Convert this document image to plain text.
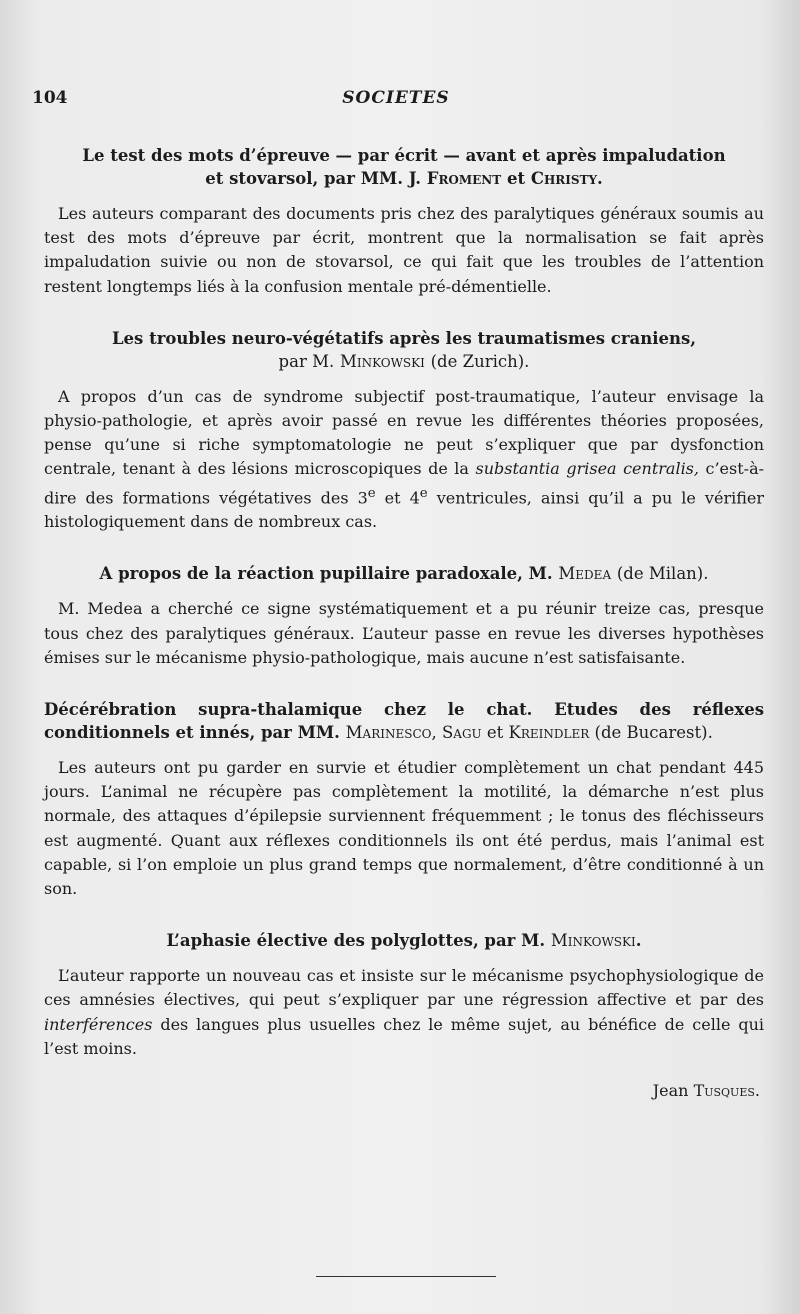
104	SOCIETES
Le test des mots d’épreuve — par écrit — avant et après impaludation et stovarsol, par MM. J. Froment et Christy.

Les auteurs comparant des documents pris chez des paralytiques généraux soumis au test des mots d’épreuve par écrit, montrent que la normalisation se fait après impaludation suivie ou non de stovarsol, ce qui fait que les troubles de l’attention restent longtemps liés à la confusion mentale pré-démentielle.

Les troubles neuro-végétatifs après les traumatismes craniens,
par M. Minkowski (de Zurich).

A propos d’un cas de syndrome subjectif post-traumatique, l’auteur envisage la physio-pathologie, et après avoir passé en revue les différentes théories proposées, pense qu’une si riche symptomatologie ne peut s’expliquer que par dysfonction centrale, tenant à des lésions microscopiques de la substantia grisea centralis, c’est-à-dire des formations végétatives des 3e et 4e ventricules, ainsi qu’il a pu le vérifier histologiquement dans de nombreux cas.

A propos de la réaction pupillaire paradoxale, M. Medea (de Milan).

M. Medea a cherché ce signe systématiquement et a pu réunir treize cas, presque tous chez des paralytiques généraux. L’auteur passe en revue les diverses hypothèses émises sur le mécanisme physio-pathologique, mais aucune n’est satisfaisante.

Décérébration supra-thalamique chez le chat. Etudes des réflexes conditionnels et innés, par MM. Marinesco, Sagu et Kreindler (de Bucarest).

Les auteurs ont pu garder en survie et étudier complètement un chat pendant 445 jours. L’animal ne récupère pas complètement la motilité, la démarche n’est plus normale, des attaques d’épilepsie surviennent fréquemment ; le tonus des fléchisseurs est augmenté. Quant aux réflexes conditionnels ils ont été perdus, mais l’animal est capable, si l’on emploie un plus grand temps que normalement, d’être conditionné à un son.

L’aphasie élective des polyglottes, par M. Minkowski.

L’auteur rapporte un nouveau cas et insiste sur le mécanisme psychophysiologique de ces amnésies électives, qui peut s’expliquer par une régression affective et par des interférences des langues plus usuelles chez le même sujet, au bénéfice de celle qui l’est moins.

Jean Tusques.
